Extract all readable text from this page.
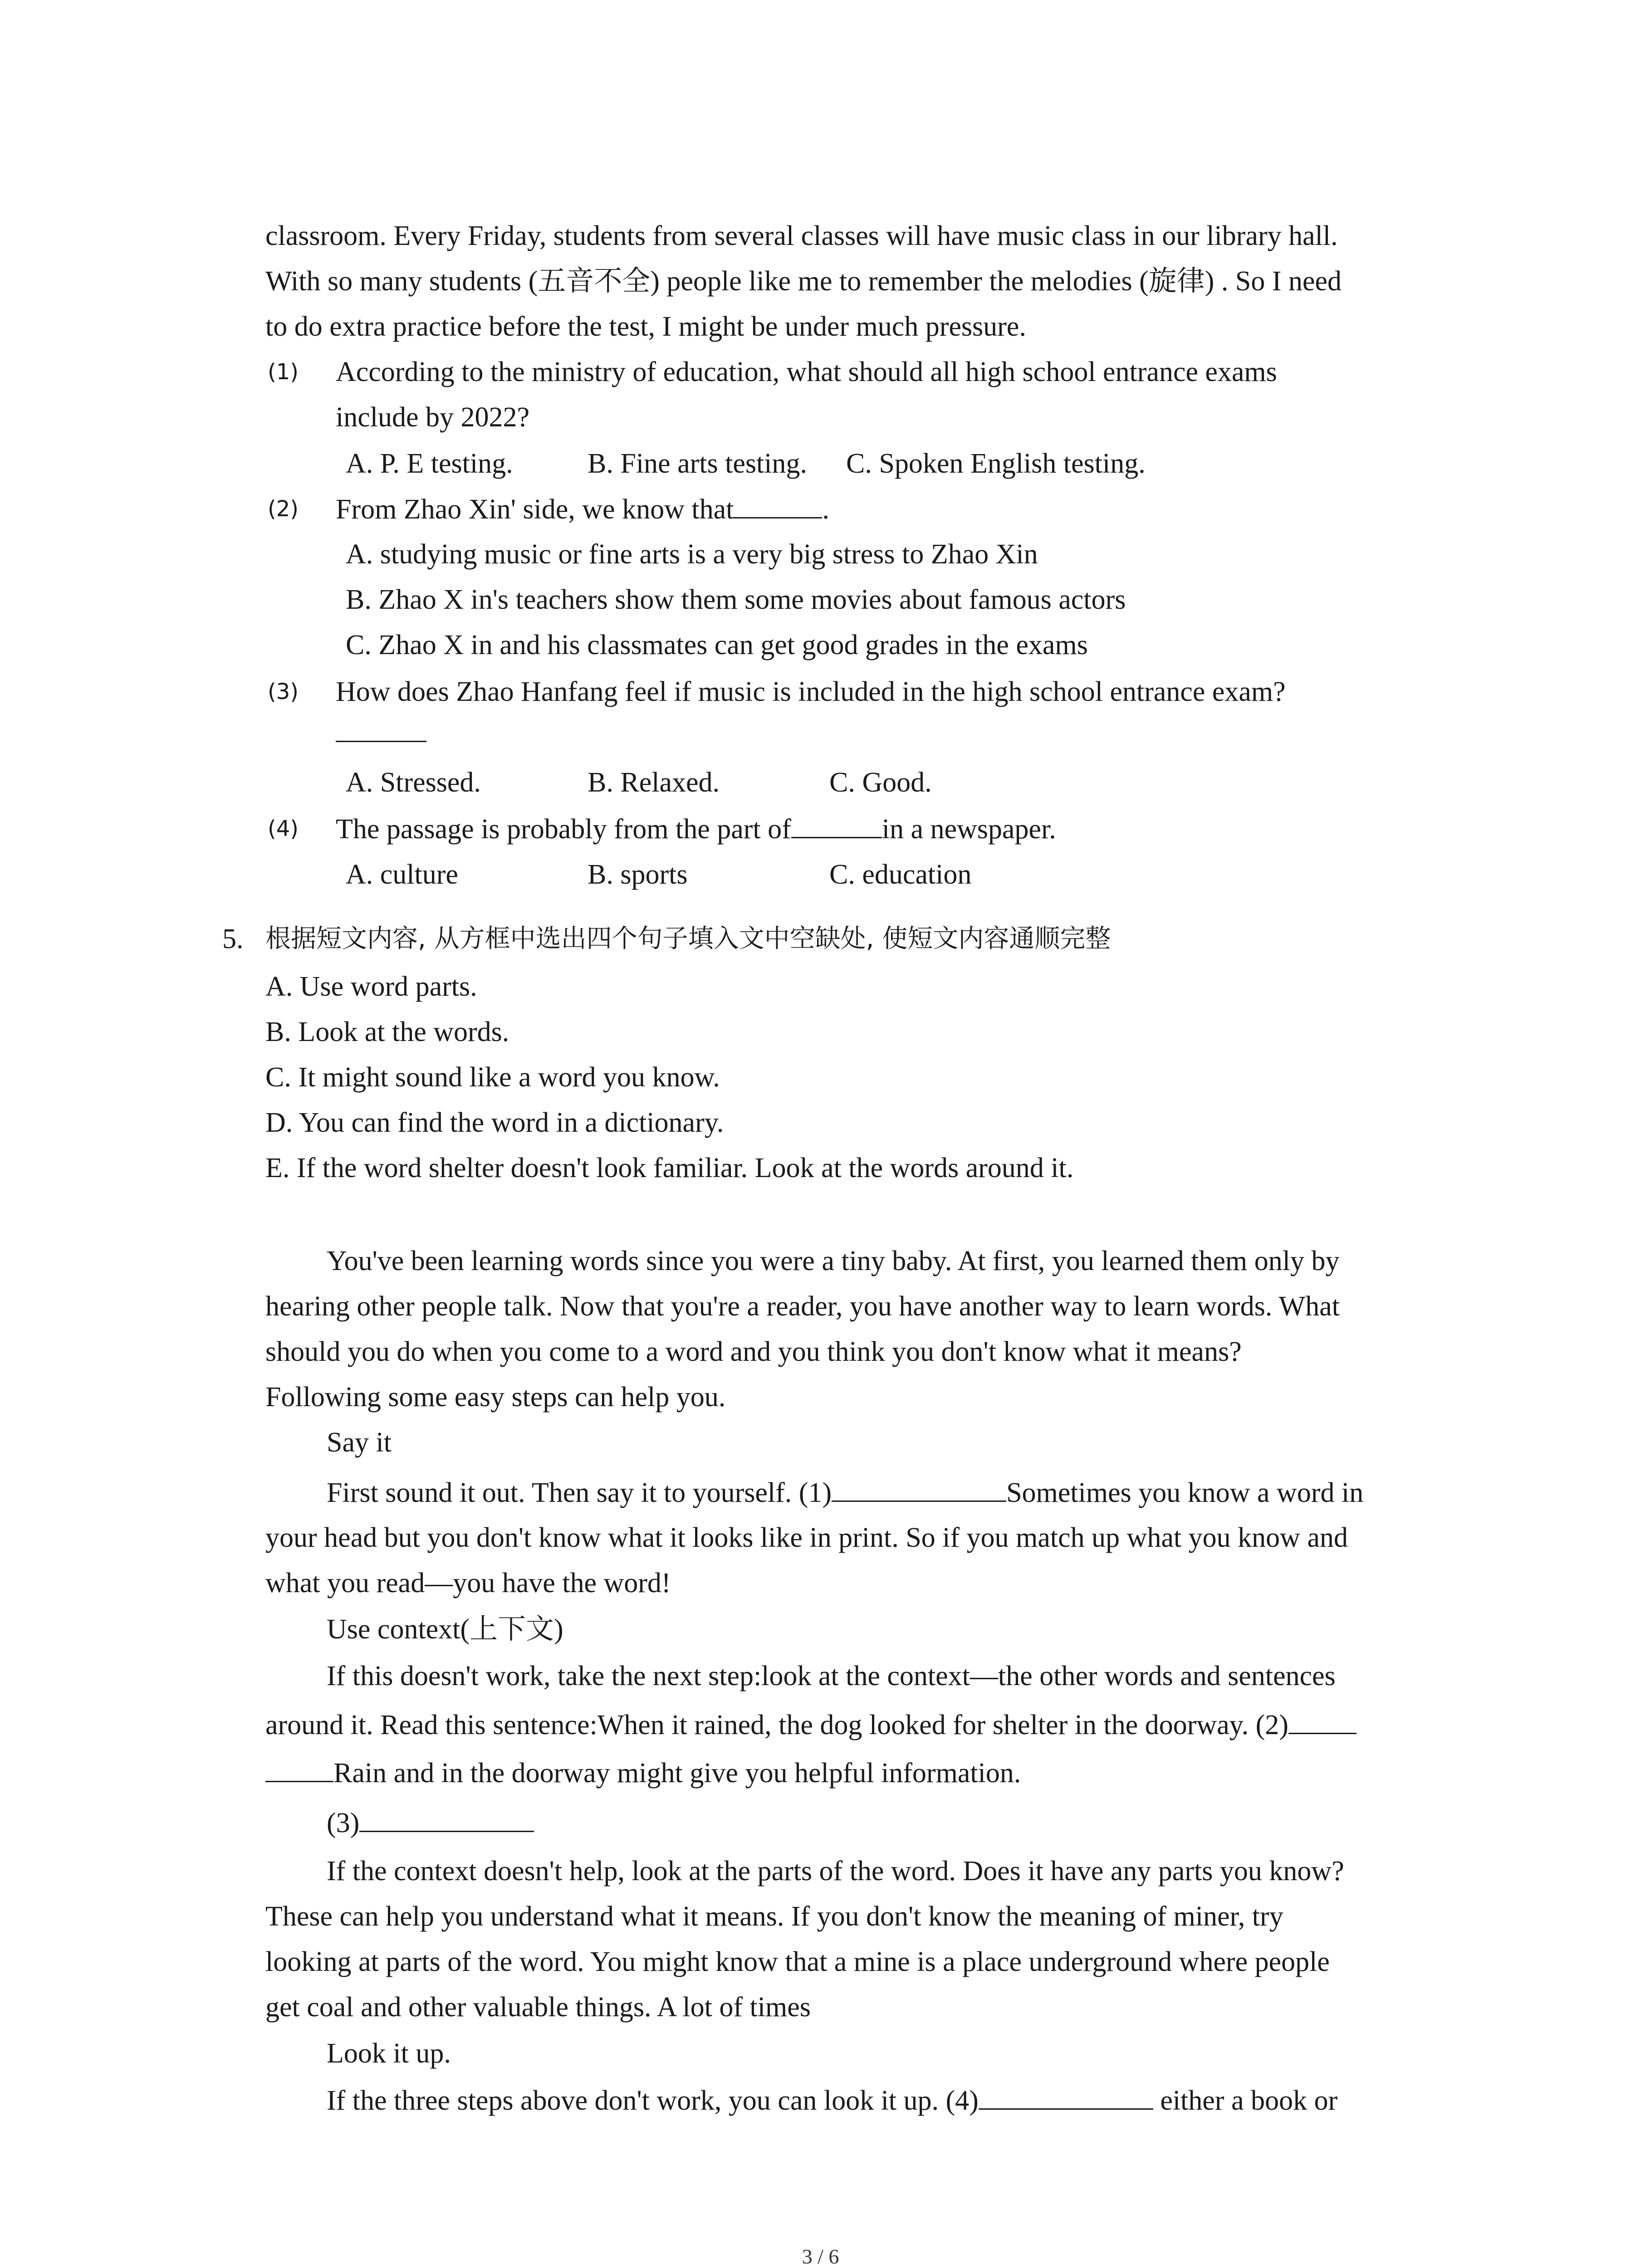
classroom. Every Friday, students from several classes will have music class in our library hall.
With so many students (五音不全) people like me to remember the melodies (旋律) . So I need
to do extra practice before the test, I might be under much pressure.
(1) According to the ministry of education, what should all high school entrance exams
include by 2022?
A. P. E testing.	B. Fine arts testing. C. Spoken English testing.
(2) From Zhao Xin' side, we know that	.
A. studying music or fine arts is a very big stress to Zhao Xin
B. Zhao X in's teachers show them some movies about famous actors
C. Zhao X in and his classmates can get good grades in the exams
(3) How does Zhao Hanfang feel if music is included in the high school entrance exam?
A. Stressed.	B. Relaxed.	C. Good.
(4) The passage is probably from the part of	in a newspaper.
A. culture	B. sports	C. education
5. 根据短文内容, 从方框中选出四个句子填入文中空缺处, 使短文内容通顺完整
A. Use word parts.
B. Look at the words.
C. It might sound like a word you know.
D. You can find the word in a dictionary.
E. If the word shelter doesn't look familiar. Look at the words around it.
You've been learning words since you were a tiny baby. At first, you learned them only by
hearing other people talk. Now that you're a reader, you have another way to learn words. What
should you do when you come to a word and you think you don't know what it means?
Following some easy steps can help you.
Say it
First sound it out. Then say it to yourself. (1)	Sometimes you know a word in
your head but you don't know what it looks like in print. So if you match up what you know and
what you read—you have the word!
Use context(上下文)
If this doesn't work, take the next step:look at the context—the other words and sentences
around it. Read this sentence:When it rained, the dog looked for shelter in the doorway. (2)
Rain and in the doorway might give you helpful information.
(3)
If the context doesn't help, look at the parts of the word. Does it have any parts you know?
These can help you understand what it means. If you don't know the meaning of miner, try
looking at parts of the word. You might know that a mine is a place underground where people
get coal and other valuable things. A lot of times
Look it up.
If the three steps above don't work, you can look it up. (4)	either a book or
3 / 6
